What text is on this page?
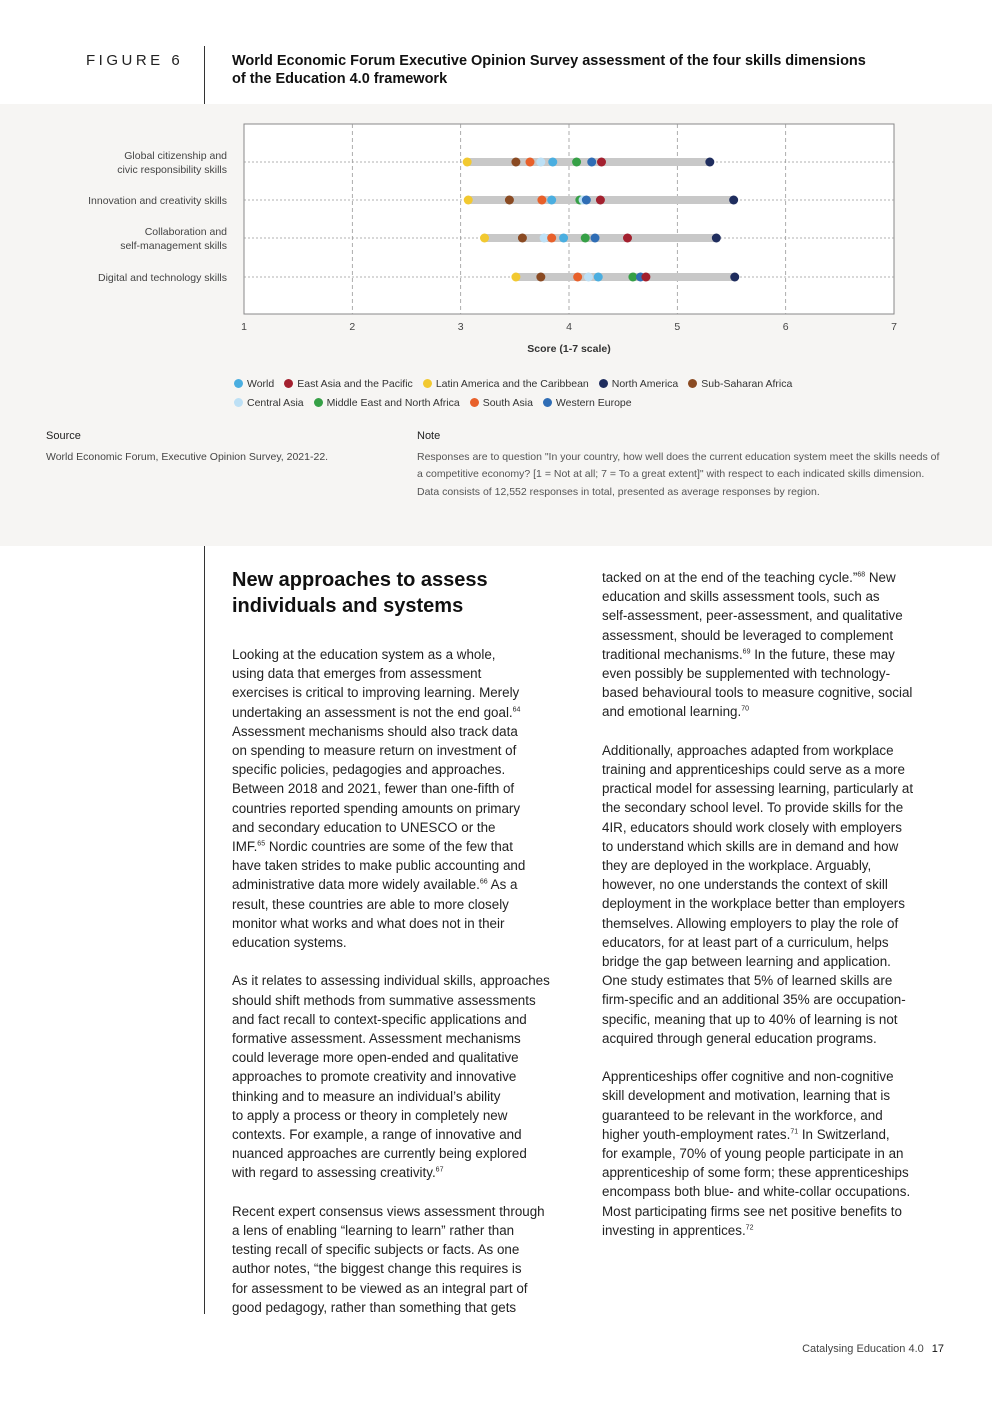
FIGURE 6	World Economic Forum Executive Opinion Survey assessment of the four skills dimensions
of the Education 4.0 framework
1	2	3	4	5	6	7
Score (1-7 scale)
Global citizenship and
civic responsibility skills
Innovation and creativity skills
Collaboration and
self-management skills
Digital and technology skills
World East Asia and the Pacific Latin America and the Caribbean North America Sub-Saharan Africa
Central Asia Middle East and North Africa South Asia Western Europe
Source
World Economic Forum, Executive Opinion Survey, 2021-22.
Note
Responses are to question "In your country, how well does the current education system meet the skills needs of a competitive economy? [1 = Not at all; 7 = To a great extent]" with respect to each indicated skills dimension. Data consists of 12,552 responses in total, presented as average responses by region.
New approaches to assess
individuals and systems

Looking at the education system as a whole,
using data that emerges from assessment
exercises is critical to improving learning. Merely
undertaking an assessment is not the end goal.$^{64}$
Assessment mechanisms should also track data
on spending to measure return on investment of
specific policies, pedagogies and approaches.
Between 2018 and 2021, fewer than one-fifth of
countries reported spending amounts on primary
and secondary education to UNESCO or the
IMF.$^{65}$ Nordic countries are some of the few that
have taken strides to make public accounting and
administrative data more widely available.$^{66}$ As a
result, these countries are able to more closely
monitor what works and what does not in their
education systems.

As it relates to assessing individual skills, approaches
should shift methods from summative assessments
and fact recall to context-specific applications and
formative assessment. Assessment mechanisms
could leverage more open-ended and qualitative
approaches to promote creativity and innovative
thinking and to measure an individual’s ability
to apply a process or theory in completely new
contexts. For example, a range of innovative and
nuanced approaches are currently being explored
with regard to assessing creativity.$^{67}$

Recent expert consensus views assessment through
a lens of enabling “learning to learn” rather than
testing recall of specific subjects or facts. As one
author notes, “the biggest change this requires is
for assessment to be viewed as an integral part of
good pedagogy, rather than something that gets

tacked on at the end of the teaching cycle.”$^{68}$ New
education and skills assessment tools, such as
self-assessment, peer-assessment, and qualitative
assessment, should be leveraged to complement
traditional mechanisms.$^{69}$ In the future, these may
even possibly be supplemented with technology-
based behavioural tools to measure cognitive, social
and emotional learning.$^{70}$

Additionally, approaches adapted from workplace
training and apprenticeships could serve as a more
practical model for assessing learning, particularly at
the secondary school level. To provide skills for the
4IR, educators should work closely with employers
to understand which skills are in demand and how
they are deployed in the workplace. Arguably,
however, no one understands the context of skill
deployment in the workplace better than employers
themselves. Allowing employers to play the role of
educators, for at least part of a curriculum, helps
bridge the gap between learning and application.
One study estimates that 5% of learned skills are
firm-specific and an additional 35% are occupation-
specific, meaning that up to 40% of learning is not
acquired through general education programs.

Apprenticeships offer cognitive and non-cognitive
skill development and motivation, learning that is
guaranteed to be relevant in the workforce, and
higher youth-employment rates.$^{71}$ In Switzerland,
for example, 70% of young people participate in an
apprenticeship of some form; these apprenticeships
encompass both blue- and white-collar occupations.
Most participating firms see net positive benefits to
investing in apprentices.$^{72}$

Catalysing Education 4.0 17
